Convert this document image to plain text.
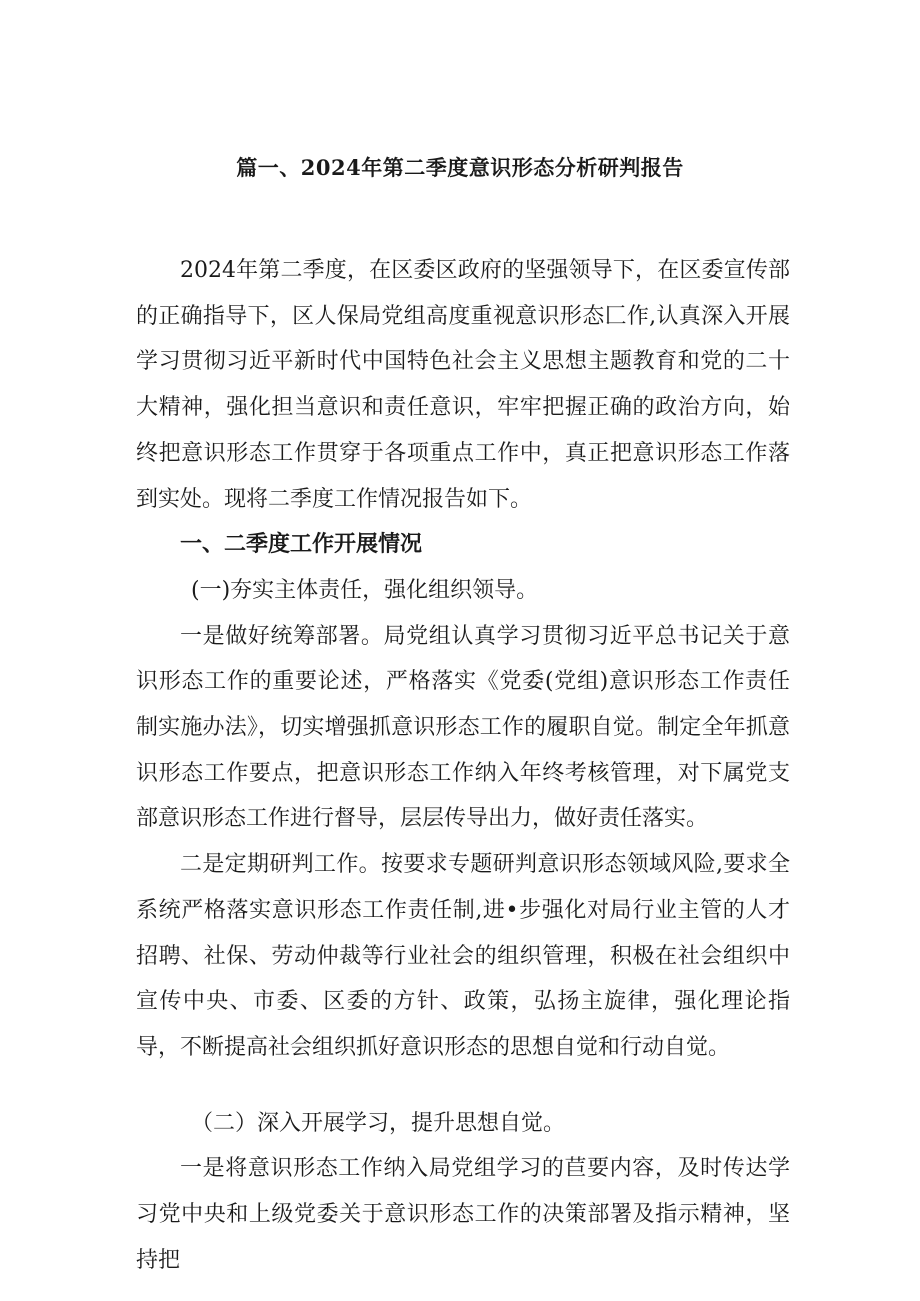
篇一、2024年第二季度意识形态分析研判报告

2024年第二季度，在区委区政府的坚强领导下，在区委宣传部的正确指导下，区人保局党组高度重视意识形态匚作,认真深入开展学习贯彻习近平新时代中国特色社会主义思想主题教育和党的二十大精神，强化担当意识和责任意识，牢牢把握正确的政治方向，始终把意识形态工作贯穿于各项重点工作中，真正把意识形态工作落到实处。现将二季度工作情况报告如下。

一、二季度工作开展情况

(一)夯实主体责任，强化组织领导。

一是做好统筹部署。局党组认真学习贯彻习近平总书记关于意识形态工作的重要论述，严格落实《党委(党组)意识形态工作责任制实施办法》，切实增强抓意识形态工作的履职自觉。制定全年抓意识形态工作要点，把意识形态工作纳入年终考核管理，对下属党支部意识形态工作进行督导，层层传导出力，做好责任落实。

二是定期研判工作。按要求专题研判意识形态领域风险,要求全系统严格落实意识形态工作责任制,进•步强化对局行业主管的人才招聘、社保、劳动仲裁等行业社会的组织管理，积极在社会组织中宣传中央、市委、区委的方针、政策，弘扬主旋律，强化理论指导，不断提高社会组织抓好意识形态的思想自觉和行动自觉。

（二）深入开展学习，提升思想自觉。

一是将意识形态工作纳入局党组学习的苣要内容，及时传达学习党中央和上级党委关于意识形态工作的决策部署及指示精神，坚持把
